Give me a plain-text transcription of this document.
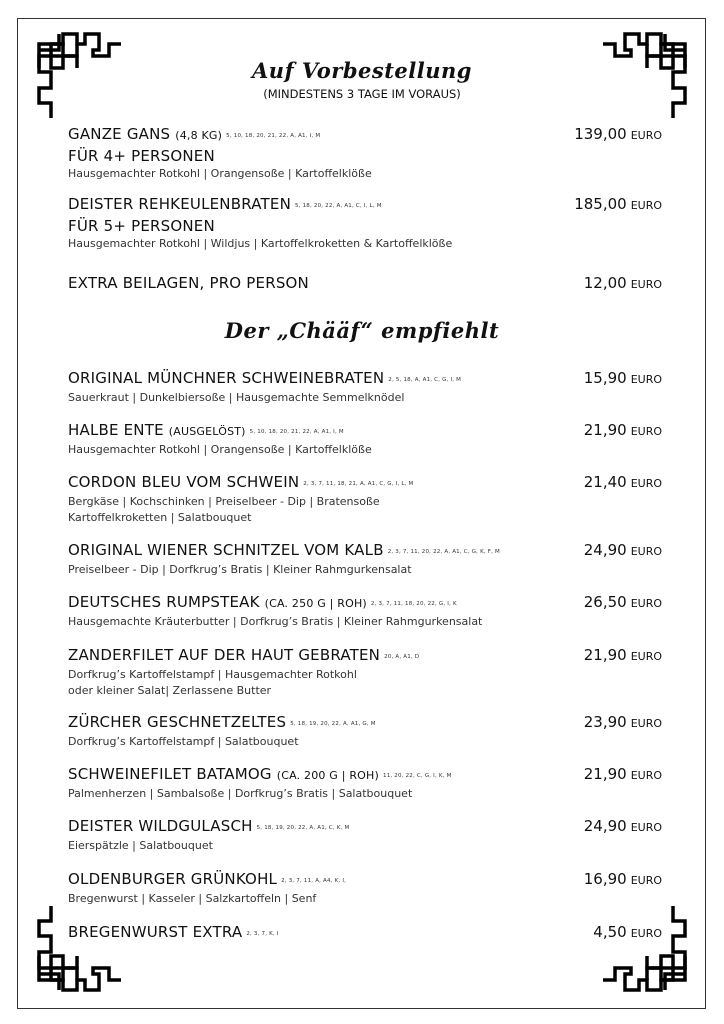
Auf Vorbestellung
(MINDESTENS 3 TAGE IM VORAUS)
Der „Chääf“ empfiehlt
GANZE GANS (4,8 KG) 5, 10, 18, 20, 21, 22, A, A1, I, M
FÜR 4+ PERSONEN
Hausgemachter Rotkohl | Orangensoße | Kartoffelklöße
139,00 EURO
DEISTER REHKEULENBRATEN 5, 18, 20, 22, A, A1, C, I, L, M
FÜR 5+ PERSONEN
Hausgemachter Rotkohl | Wildjus | Kartoffelkroketten & Kartoffelklöße
185,00 EURO
EXTRA BEILAGEN, PRO PERSON	12,00 EURO
ORIGINAL MÜNCHNER SCHWEINEBRATEN 2, 5, 18, A, A1, C, G, I, M
Sauerkraut | Dunkelbiersoße | Hausgemachte Semmelknödel
15,90 EURO
HALBE ENTE (AUSGELÖST) 5, 10, 18, 20, 21, 22, A, A1, I, M
Hausgemachter Rotkohl | Orangensoße | Kartoffelklöße
21,90 EURO
CORDON BLEU VOM SCHWEIN 2, 3, 7, 11, 18, 21, A, A1, C, G, I, L, M
Bergkäse | Kochschinken | Preiselbeer - Dip | Bratensoße
Kartoffelkroketten | Salatbouquet
21,40 EURO
ORIGINAL WIENER SCHNITZEL VOM KALB 2, 3, 7, 11, 20, 22, A, A1, C, G, K, F, M
Preiselbeer - Dip | Dorfkrug’s Bratis | Kleiner Rahmgurkensalat
24,90 EURO
DEUTSCHES RUMPSTEAK (CA. 250 G | ROH) 2, 3, 7, 11, 18, 20, 22, G, I, K
Hausgemachte Kräuterbutter | Dorfkrug’s Bratis | Kleiner Rahmgurkensalat
26,50 EURO
ZANDERFILET AUF DER HAUT GEBRATEN 20, A, A1, D
Dorfkrug’s Kartoffelstampf | Hausgemachter Rotkohl
oder kleiner Salat| Zerlassene Butter
21,90 EURO
ZÜRCHER GESCHNETZELTES 5, 18, 19, 20, 22, A, A1, G, M
Dorfkrug’s Kartoffelstampf | Salatbouquet
23,90 EURO
SCHWEINEFILET BATAMOG (CA. 200 G | ROH) 11, 20, 22, C, G, I, K, M
Palmenherzen | Sambalsoße | Dorfkrug’s Bratis | Salatbouquet
21,90 EURO
DEISTER WILDGULASCH 5, 18, 19, 20, 22, A, A1, C, K, M
Eierspätzle | Salatbouquet
24,90 EURO
OLDENBURGER GRÜNKOHL 2, 3, 7, 11, A, A4, K, I,
Bregenwurst | Kasseler | Salzkartoffeln | Senf
16,90 EURO
BREGENWURST EXTRA 2, 3, 7, K, I	4,50 EURO
